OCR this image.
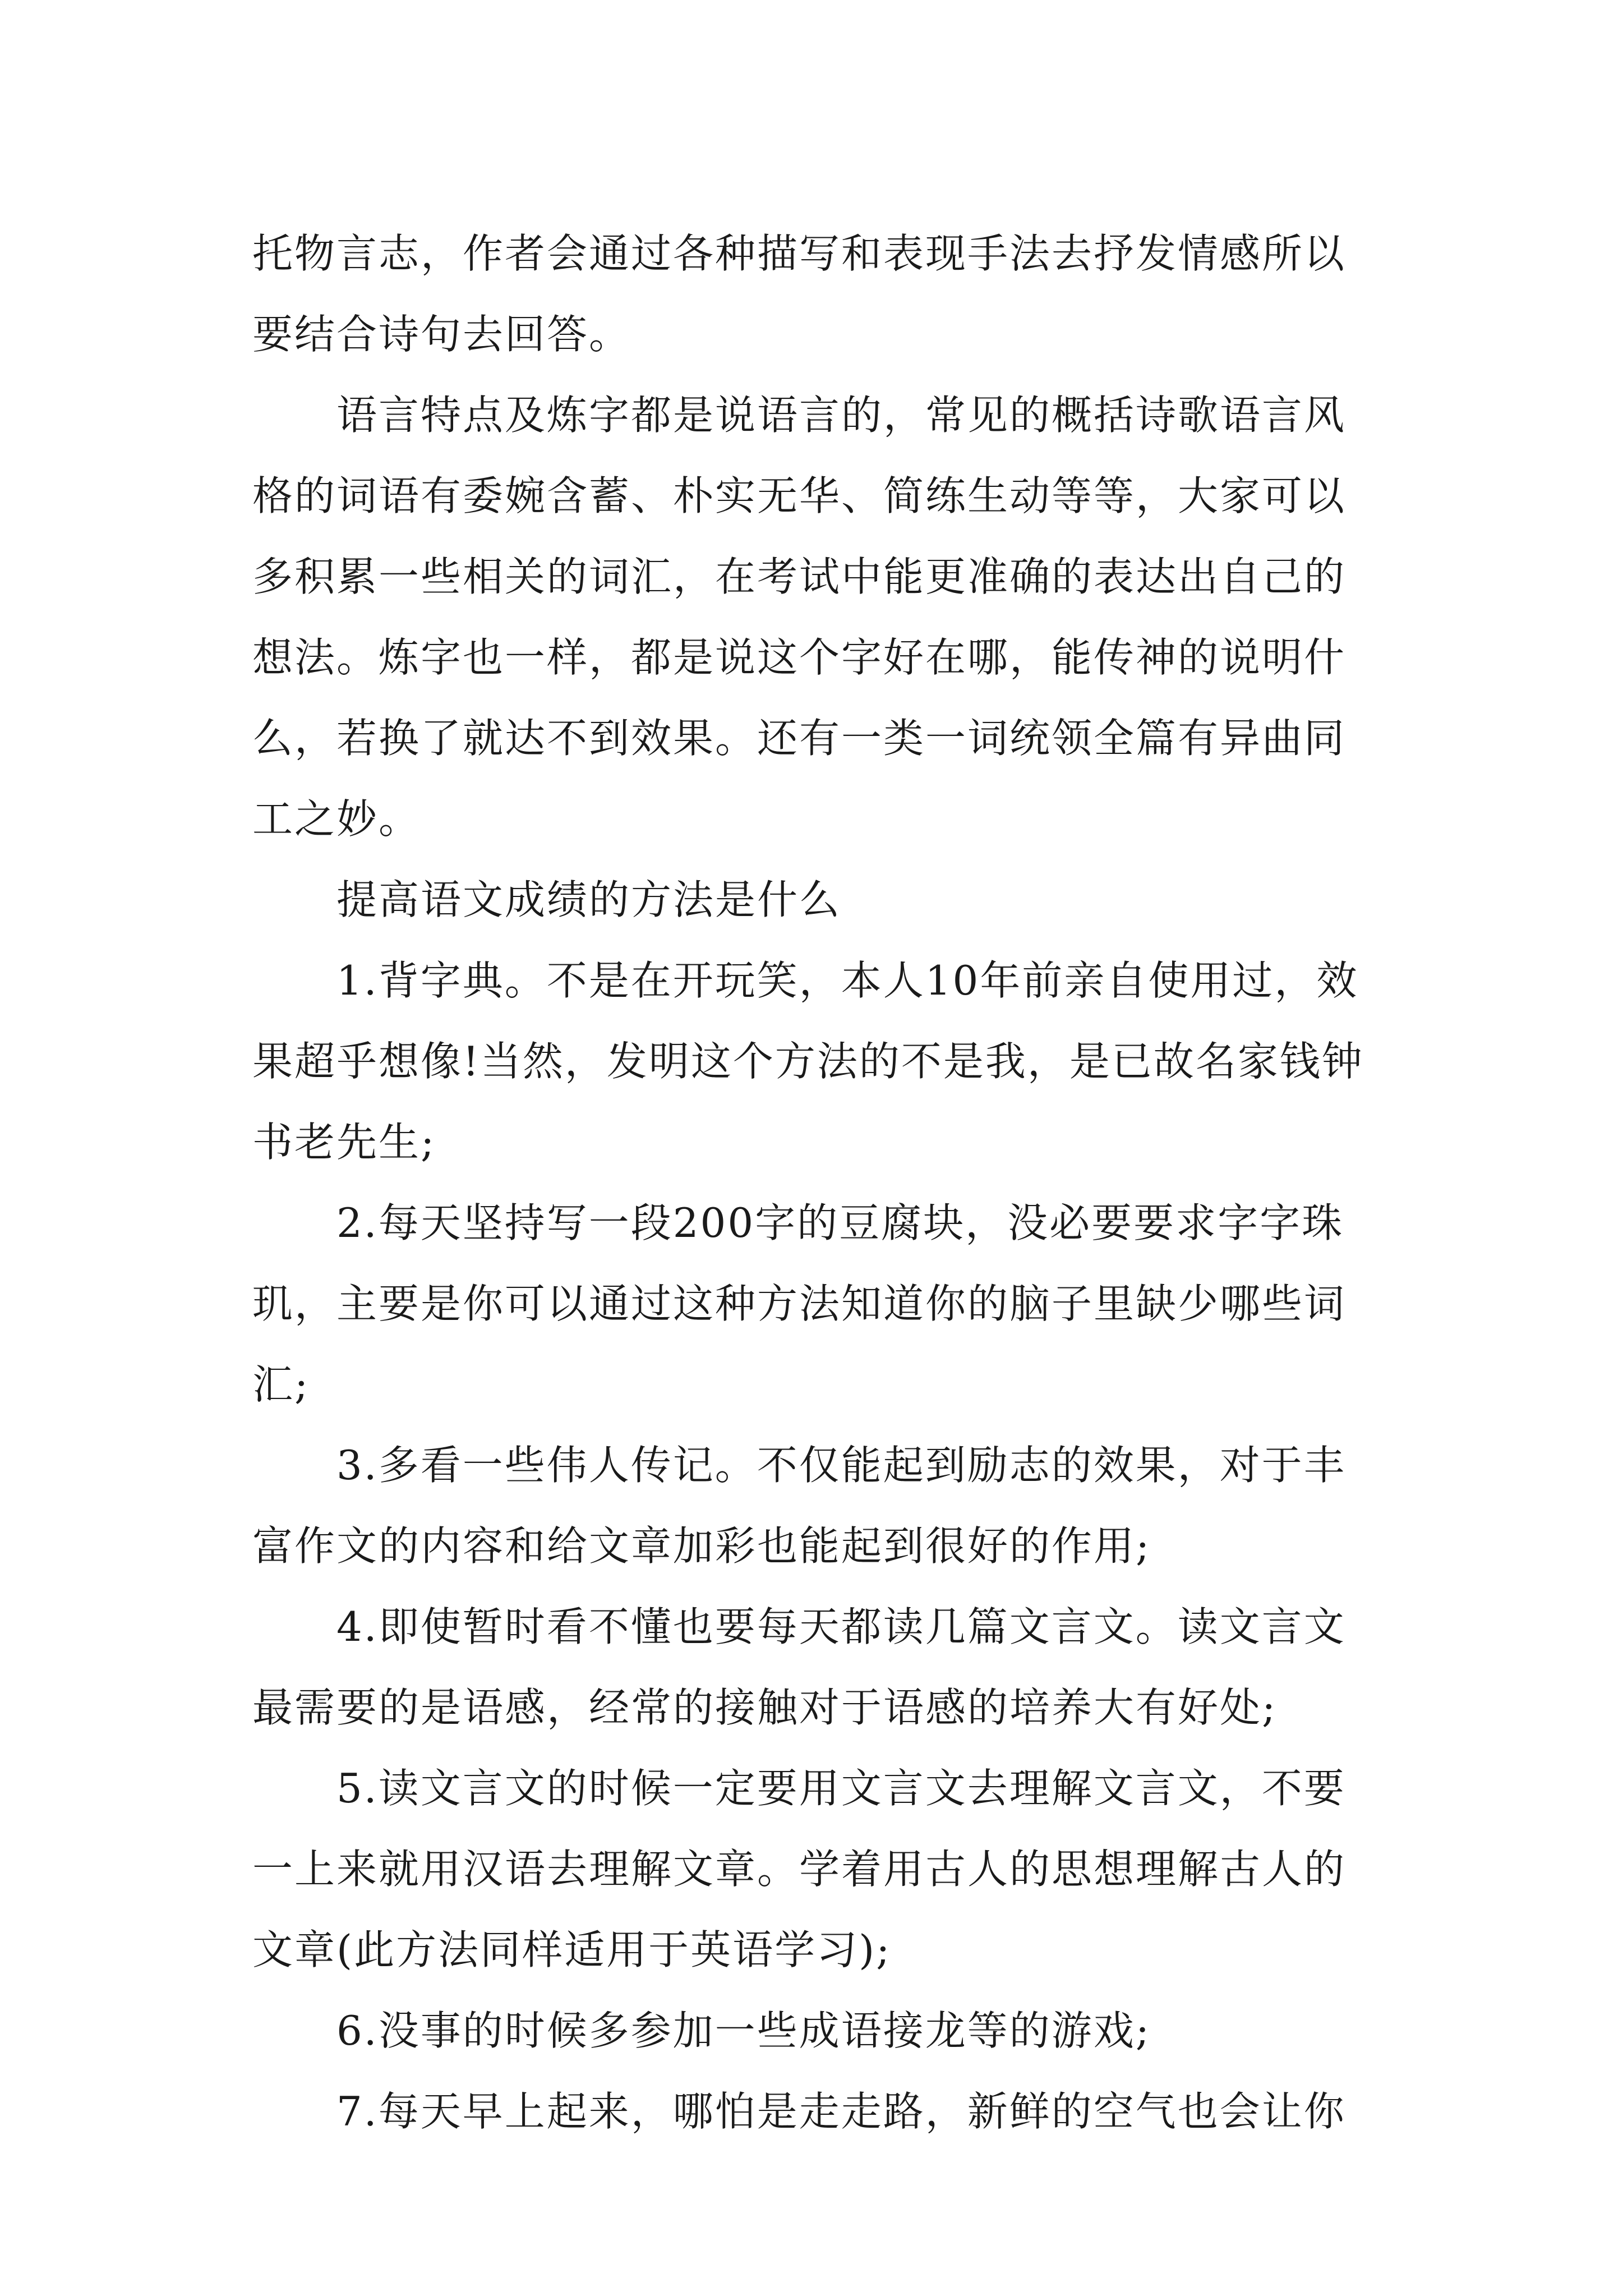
托物言志，作者会通过各种描写和表现手法去抒发情感所以要结合诗句去回答。

语言特点及炼字都是说语言的，常见的概括诗歌语言风格的词语有委婉含蓄、朴实无华、简练生动等等，大家可以多积累一些相关的词汇，在考试中能更准确的表达出自己的想法。炼字也一样，都是说这个字好在哪，能传神的说明什么，若换了就达不到效果。还有一类一词统领全篇有异曲同工之妙。

提高语文成绩的方法是什么

1.背字典。不是在开玩笑，本人10年前亲自使用过，效果超乎想像!当然，发明这个方法的不是我，是已故名家钱钟书老先生;

2.每天坚持写一段200字的豆腐块，没必要要求字字珠玑，主要是你可以通过这种方法知道你的脑子里缺少哪些词汇;

3.多看一些伟人传记。不仅能起到励志的效果，对于丰富作文的内容和给文章加彩也能起到很好的作用;

4.即使暂时看不懂也要每天都读几篇文言文。读文言文最需要的是语感，经常的接触对于语感的培养大有好处;

5.读文言文的时候一定要用文言文去理解文言文，不要一上来就用汉语去理解文章。学着用古人的思想理解古人的文章(此方法同样适用于英语学习);

6.没事的时候多参加一些成语接龙等的游戏;

7.每天早上起来，哪怕是走走路，新鲜的空气也会让你
